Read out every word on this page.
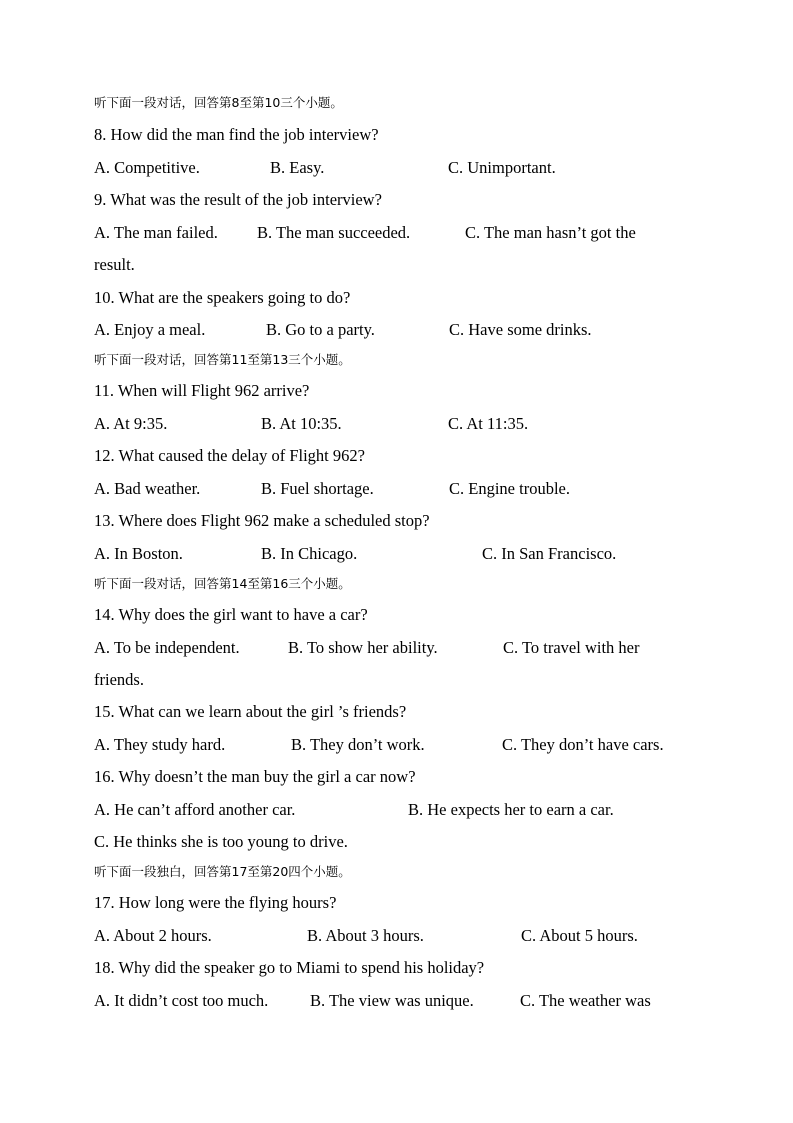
听下面一段对话，回答第8至第10三个小题。
8. How did the man find the job interview?
A. Competitive.	B. Easy.	C. Unimportant.
9. What was the result of the job interview?
A. The man failed. B. The man succeeded.	C. The man hasn’t got the
result.
10. What are the speakers going to do?
A. Enjoy a meal.	B. Go to a party.	C. Have some drinks.
听下面一段对话，回答第11至第13三个小题。
11. When will Flight 962 arrive?
A. At 9:35.	B. At 10:35.	C. At 11:35.
12. What caused the delay of Flight 962?
A. Bad weather.	B. Fuel shortage.	C. Engine trouble.
13. Where does Flight 962 make a scheduled stop?
A. In Boston.	B. In Chicago.	C. In San Francisco.
听下面一段对话，回答第14至第16三个小题。
14. Why does the girl want to have a car?
A. To be independent.	B. To show her ability.	C. To travel with her
friends.
15. What can we learn about the girl ’s friends?
A. They study hard.	B. They don’t work.	C. They don’t have cars.
16. Why doesn’t the man buy the girl a car now?
A. He can’t afford another car.	B. He expects her to earn a car.
C. He thinks she is too young to drive.
听下面一段独白，回答第17至第20四个小题。
17. How long were the flying hours?
A. About 2 hours.	B. About 3 hours.	C. About 5 hours.
18. Why did the speaker go to Miami to spend his holiday?
A. It didn’t cost too much.	B. The view was unique.	C. The weather was
